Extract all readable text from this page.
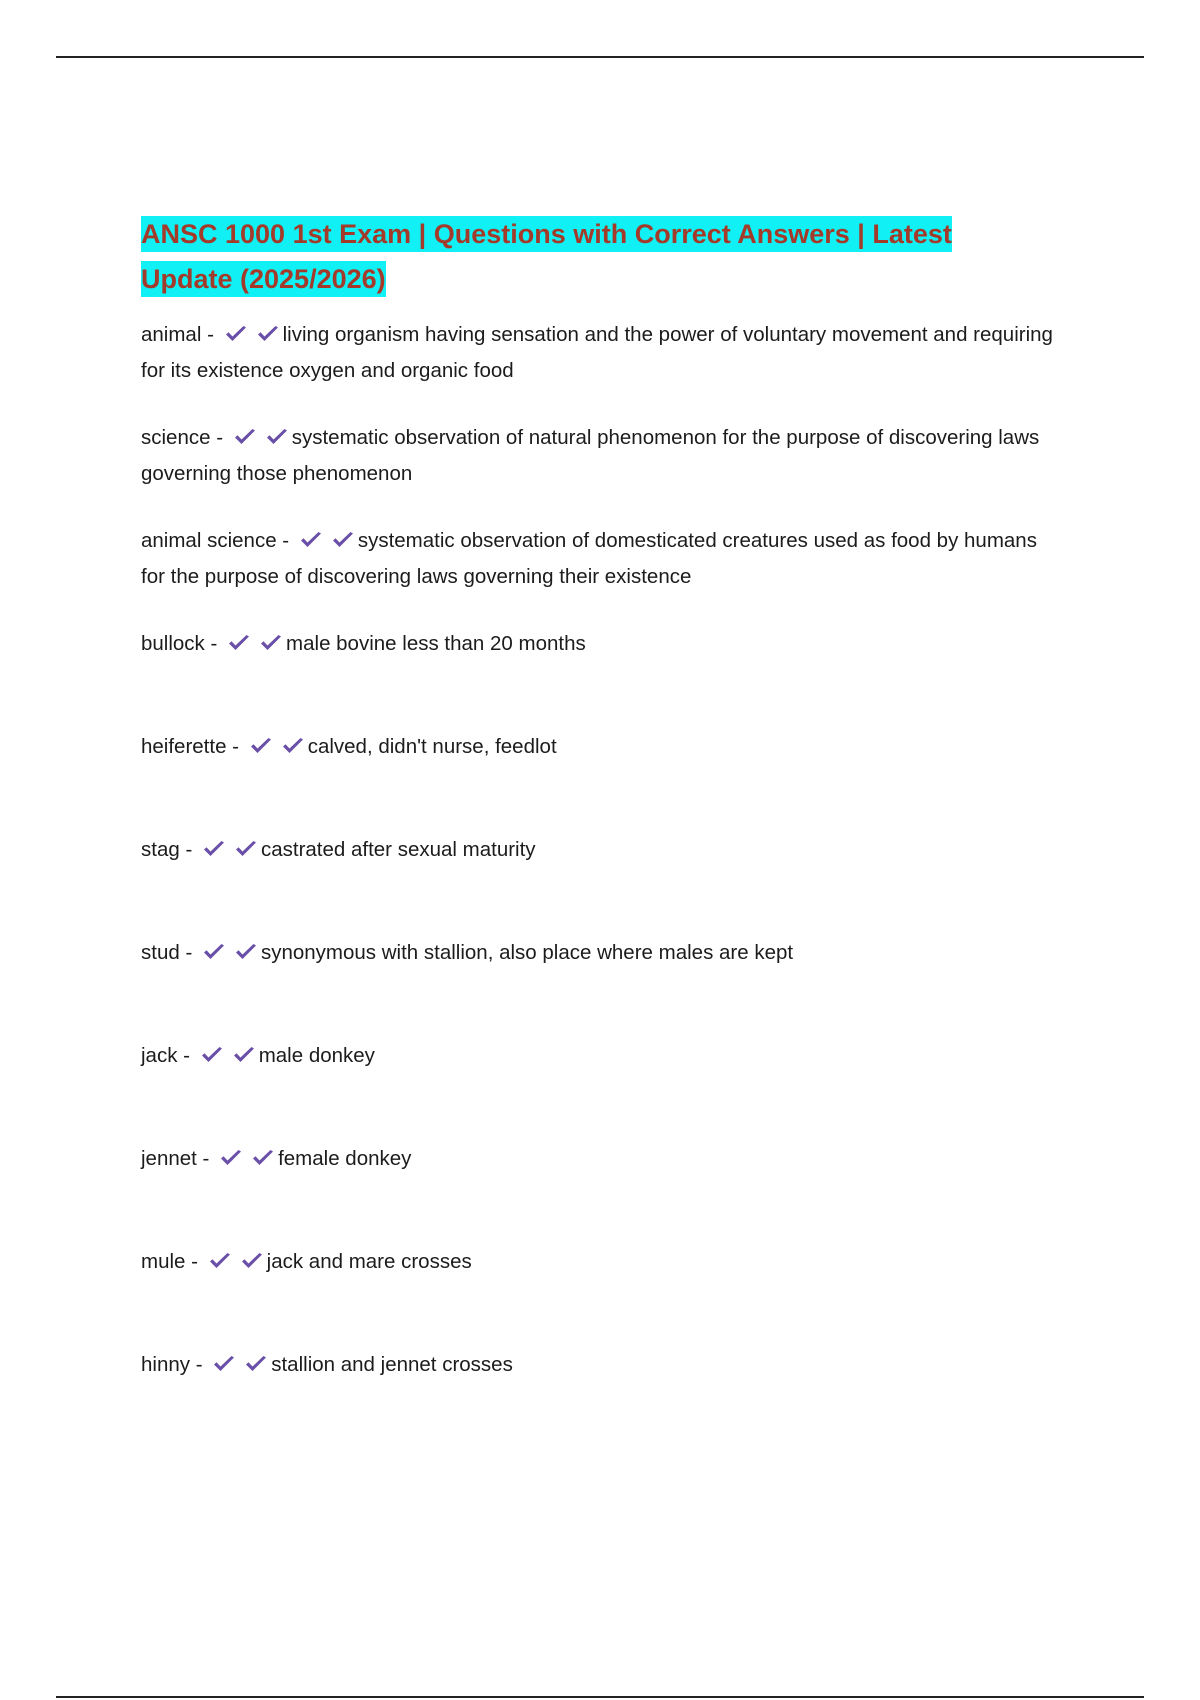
ANSC 1000 1st Exam | Questions with Correct Answers | Latest Update (2025/2026)
animal -	living organism having sensation and the power of voluntary movement and requiring for its existence oxygen and organic food
science -	systematic observation of natural phenomenon for the purpose of discovering laws governing those phenomenon
animal science -	systematic observation of domesticated creatures used as food by humans for the purpose of discovering laws governing their existence
bullock -	male bovine less than 20 months
heiferette -	calved, didn't nurse, feedlot
stag -	castrated after sexual maturity
stud -	synonymous with stallion, also place where males are kept
jack -	male donkey
jennet -	female donkey
mule -	jack and mare crosses
hinny -	stallion and jennet crosses
